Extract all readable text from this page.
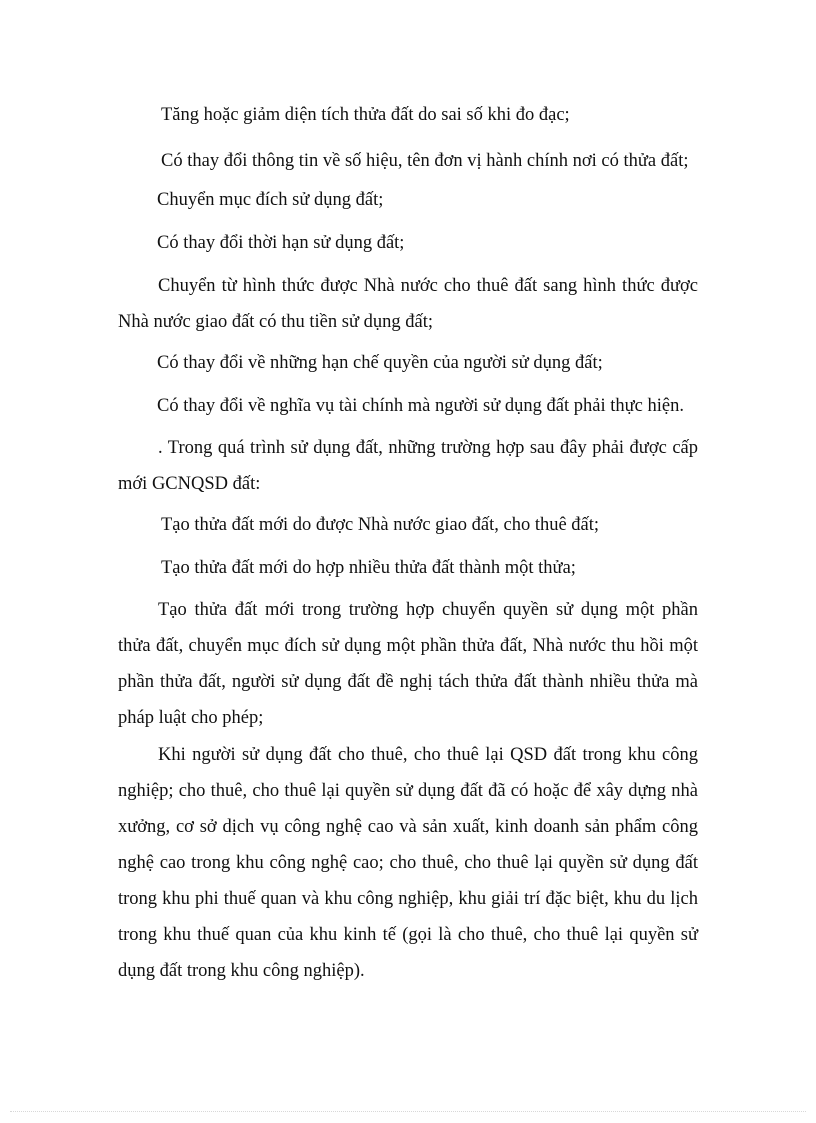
Tăng hoặc giảm diện tích thửa đất do sai số khi đo đạc;
Có thay đổi thông tin về số hiệu, tên đơn vị hành chính nơi có thửa đất;
Chuyển mục đích sử dụng đất;
Có thay đổi thời hạn sử dụng đất;

Chuyển từ hình thức được Nhà nước cho thuê đất sang hình thức được Nhà nước giao đất có thu tiền sử dụng đất;

Có thay đổi về những hạn chế quyền của người sử dụng đất;
Có thay đổi về nghĩa vụ tài chính mà người sử dụng đất phải thực hiện.

. Trong quá trình sử dụng đất, những trường hợp sau đây phải được cấp mới GCNQSD đất:

Tạo thửa đất mới do được Nhà nước giao đất, cho thuê đất;
Tạo thửa đất mới do hợp nhiều thửa đất thành một thửa;

Tạo thửa đất mới trong trường hợp chuyển quyền sử dụng một phần thửa đất, chuyển mục đích sử dụng một phần thửa đất, Nhà nước thu hồi một phần thửa đất, người sử dụng đất đề nghị tách thửa đất thành nhiều thửa mà pháp luật cho phép;

Khi người sử dụng đất cho thuê, cho thuê lại QSD đất trong khu công nghiệp; cho thuê, cho thuê lại quyền sử dụng đất đã có hoặc để xây dựng nhà xưởng, cơ sở dịch vụ công nghệ cao và sản xuất, kinh doanh sản phẩm công nghệ cao trong khu công nghệ cao; cho thuê, cho thuê lại quyền sử dụng đất trong khu phi thuế quan và khu công nghiệp, khu giải trí đặc biệt, khu du lịch trong khu thuế quan của khu kinh tế (gọi là cho thuê, cho thuê lại quyền sử dụng đất trong khu công nghiệp).
